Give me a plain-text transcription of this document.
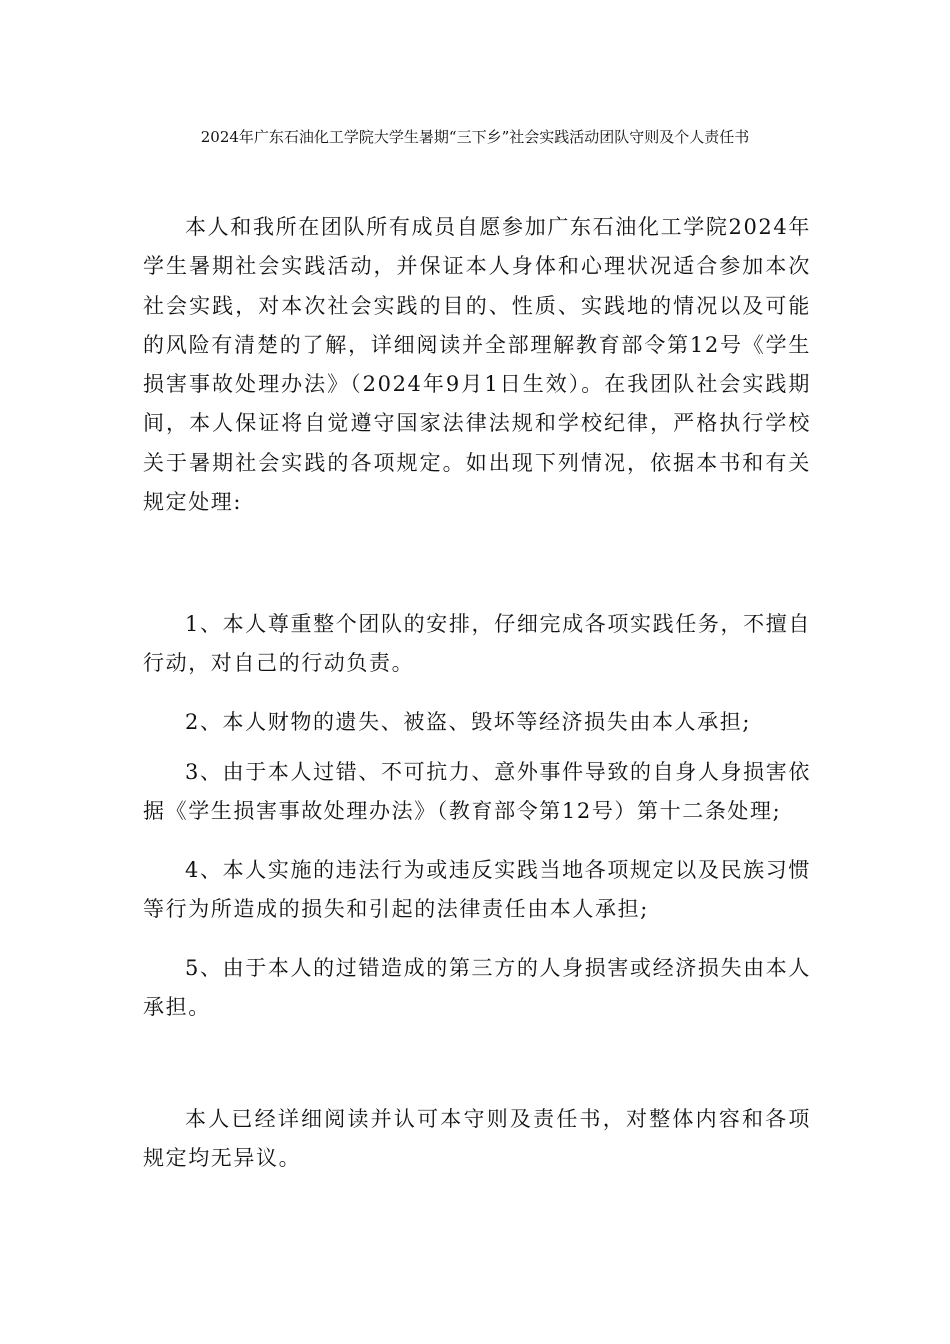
2024年广东石油化工学院大学生暑期“三下乡”社会实践活动团队守则及个人责任书

本人和我所在团队所有成员自愿参加广东石油化工学院2024年学生暑期社会实践活动，并保证本人身体和心理状况适合参加本次社会实践，对本次社会实践的目的、性质、实践地的情况以及可能的风险有清楚的了解，详细阅读并全部理解教育部令第12号《学生损害事故处理办法》（2024年9月1日生效）。在我团队社会实践期间，本人保证将自觉遵守国家法律法规和学校纪律，严格执行学校关于暑期社会实践的各项规定。如出现下列情况，依据本书和有关规定处理:

1、本人尊重整个团队的安排，仔细完成各项实践任务，不擅自行动，对自己的行动负责。

2、本人财物的遗失、被盗、毁坏等经济损失由本人承担;

3、由于本人过错、不可抗力、意外事件导致的自身人身损害依据《学生损害事故处理办法》（教育部令第12号）第十二条处理;

4、本人实施的违法行为或违反实践当地各项规定以及民族习惯等行为所造成的损失和引起的法律责任由本人承担;

5、由于本人的过错造成的第三方的人身损害或经济损失由本人承担。

本人已经详细阅读并认可本守则及责任书，对整体内容和各项规定均无异议。
